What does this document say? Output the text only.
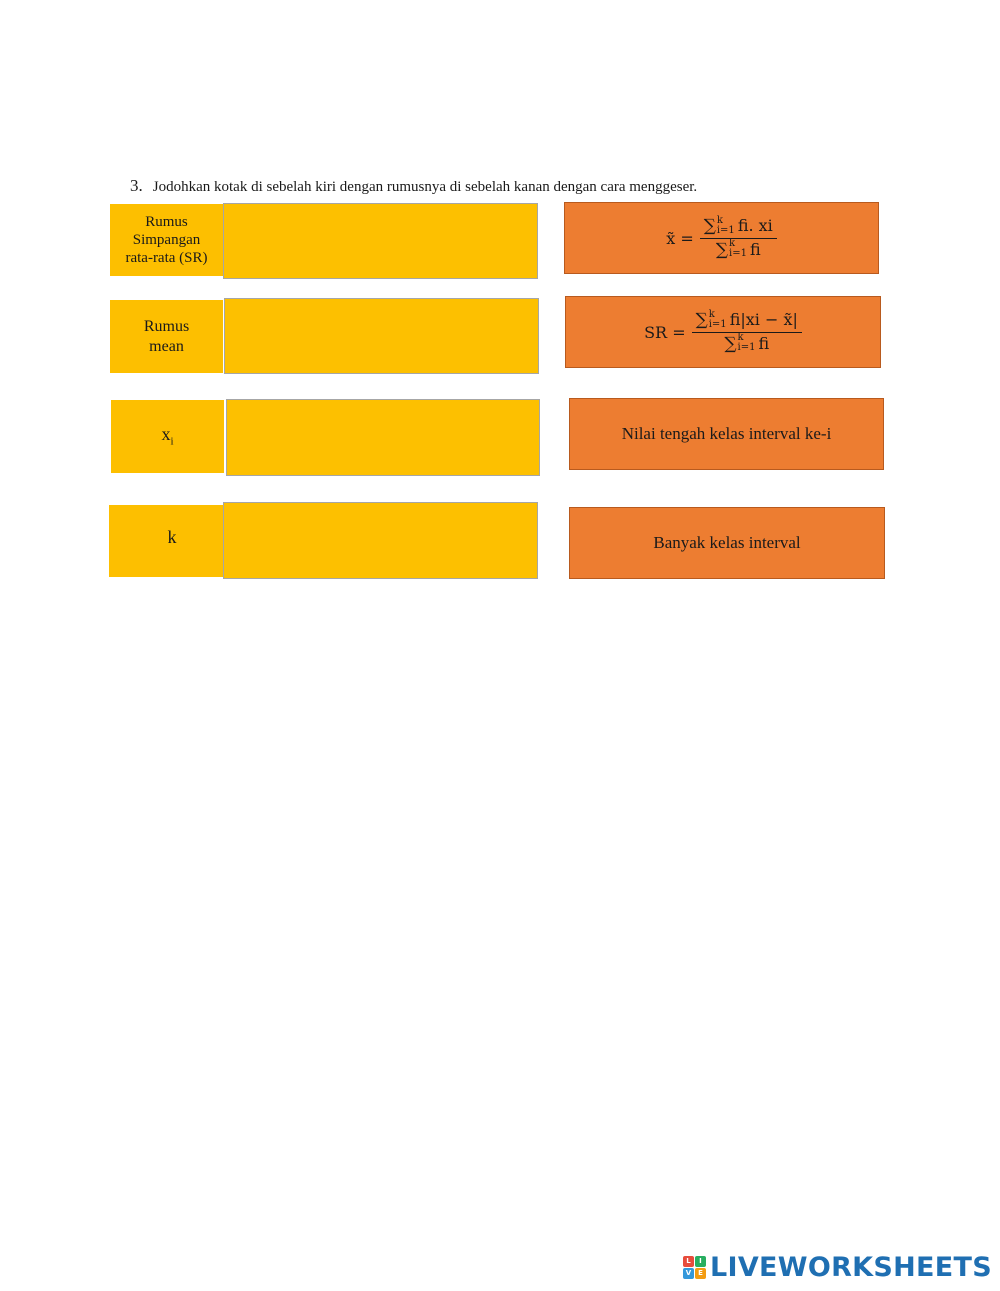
3. Jodohkan kotak di sebelah kiri dengan rumusnya di sebelah kanan dengan cara menggeser.
Rumus
Simpangan
rata-rata (SR)
Rumus
mean
$x_i$
k
x̃ = ∑ k
i=1 fi. xi
∑ k
i=1 fi
SR = ∑ k
i=1 fi|xi − x̃|
∑ k
i=1 fi
Nilai tengah kelas interval ke-i
Banyak kelas interval
L	I
V E LIVEWORKSHEETS
